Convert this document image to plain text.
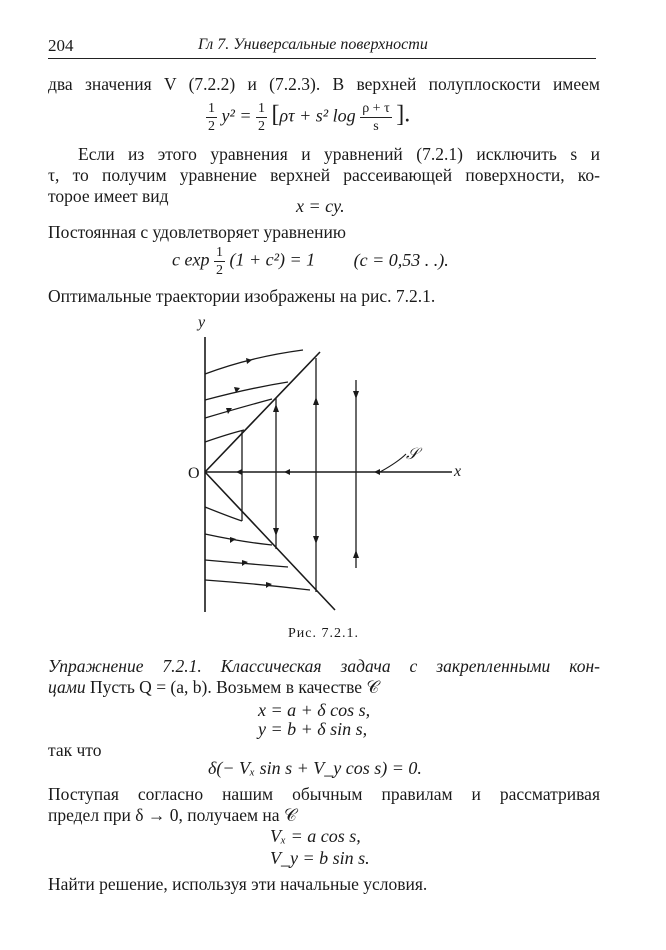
204	Гл 7. Универсальные поверхности
два значения V (7.2.2) и (7.2.3). В верхней полуплоскости имеем
$\frac{1}{2} y^2 = \frac{1}{2} [\rho\tau + s^2$ $\log \frac{\rho + \tau}{s}$ ].
Если из этого уравнения и уравнений (7.2.1) исключить s и
τ, то получим уравнение верхней рассеивающей поверхности, ко-
торое имеет вид	x = cy.
Постоянная c удовлетворяет уравнению
c $\exp \frac{1}{2} (1 + c^2) = 1$ (c = 0,53 . .).
Оптимальные траектории изображены на рис. 7.2.1.
y
x
O
𝒮
Рис. 7.2.1.
Упражнение 7.2.1. Классическая задача с закрепленными кон-
цами Пусть Q = (a, b). Возьмем в качестве 𝒞
x = a + δ cos s,
y = b + δ sin s,
так что
δ(− Vₓ sin s + V_y cos s) = 0.
Поступая согласно нашим обычным правилам и рассматривая
предел при δ → 0, получаем на 𝒞
Vₓ = a cos s,
V_y = b sin s.
Найти решение, используя эти начальные условия.
